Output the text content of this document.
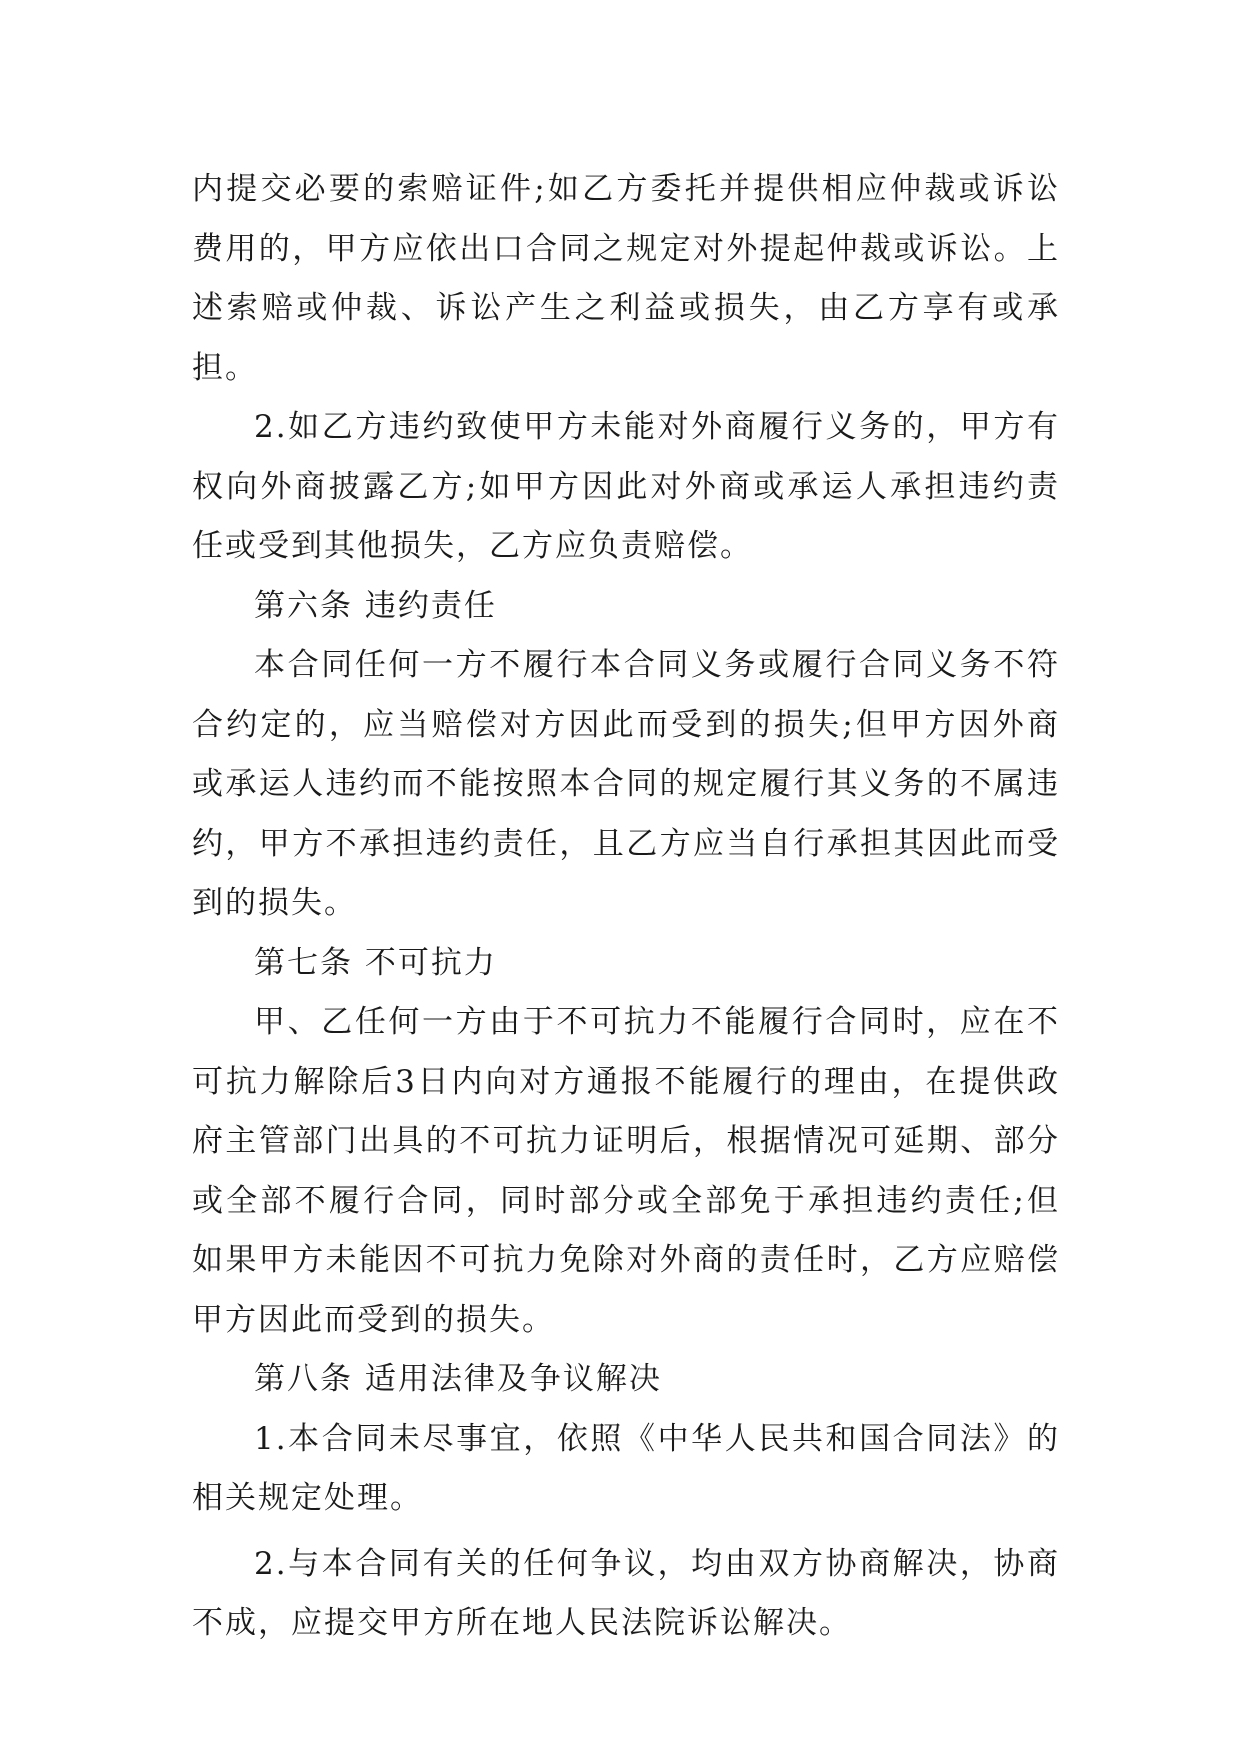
内提交必要的索赔证件;如乙方委托并提供相应仲裁或诉讼费用的，甲方应依出口合同之规定对外提起仲裁或诉讼。上述索赔或仲裁、诉讼产生之利益或损失，由乙方享有或承担。

2.如乙方违约致使甲方未能对外商履行义务的，甲方有权向外商披露乙方;如甲方因此对外商或承运人承担违约责任或受到其他损失，乙方应负责赔偿。

第六条 违约责任

本合同任何一方不履行本合同义务或履行合同义务不符合约定的，应当赔偿对方因此而受到的损失;但甲方因外商或承运人违约而不能按照本合同的规定履行其义务的不属违约，甲方不承担违约责任，且乙方应当自行承担其因此而受到的损失。

第七条 不可抗力

甲、乙任何一方由于不可抗力不能履行合同时，应在不可抗力解除后3日内向对方通报不能履行的理由，在提供政府主管部门出具的不可抗力证明后，根据情况可延期、部分或全部不履行合同，同时部分或全部免于承担违约责任;但如果甲方未能因不可抗力免除对外商的责任时，乙方应赔偿甲方因此而受到的损失。

第八条 适用法律及争议解决

1.本合同未尽事宜，依照《中华人民共和国合同法》的相关规定处理。

2.与本合同有关的任何争议，均由双方协商解决，协商不成，应提交甲方所在地人民法院诉讼解决。
